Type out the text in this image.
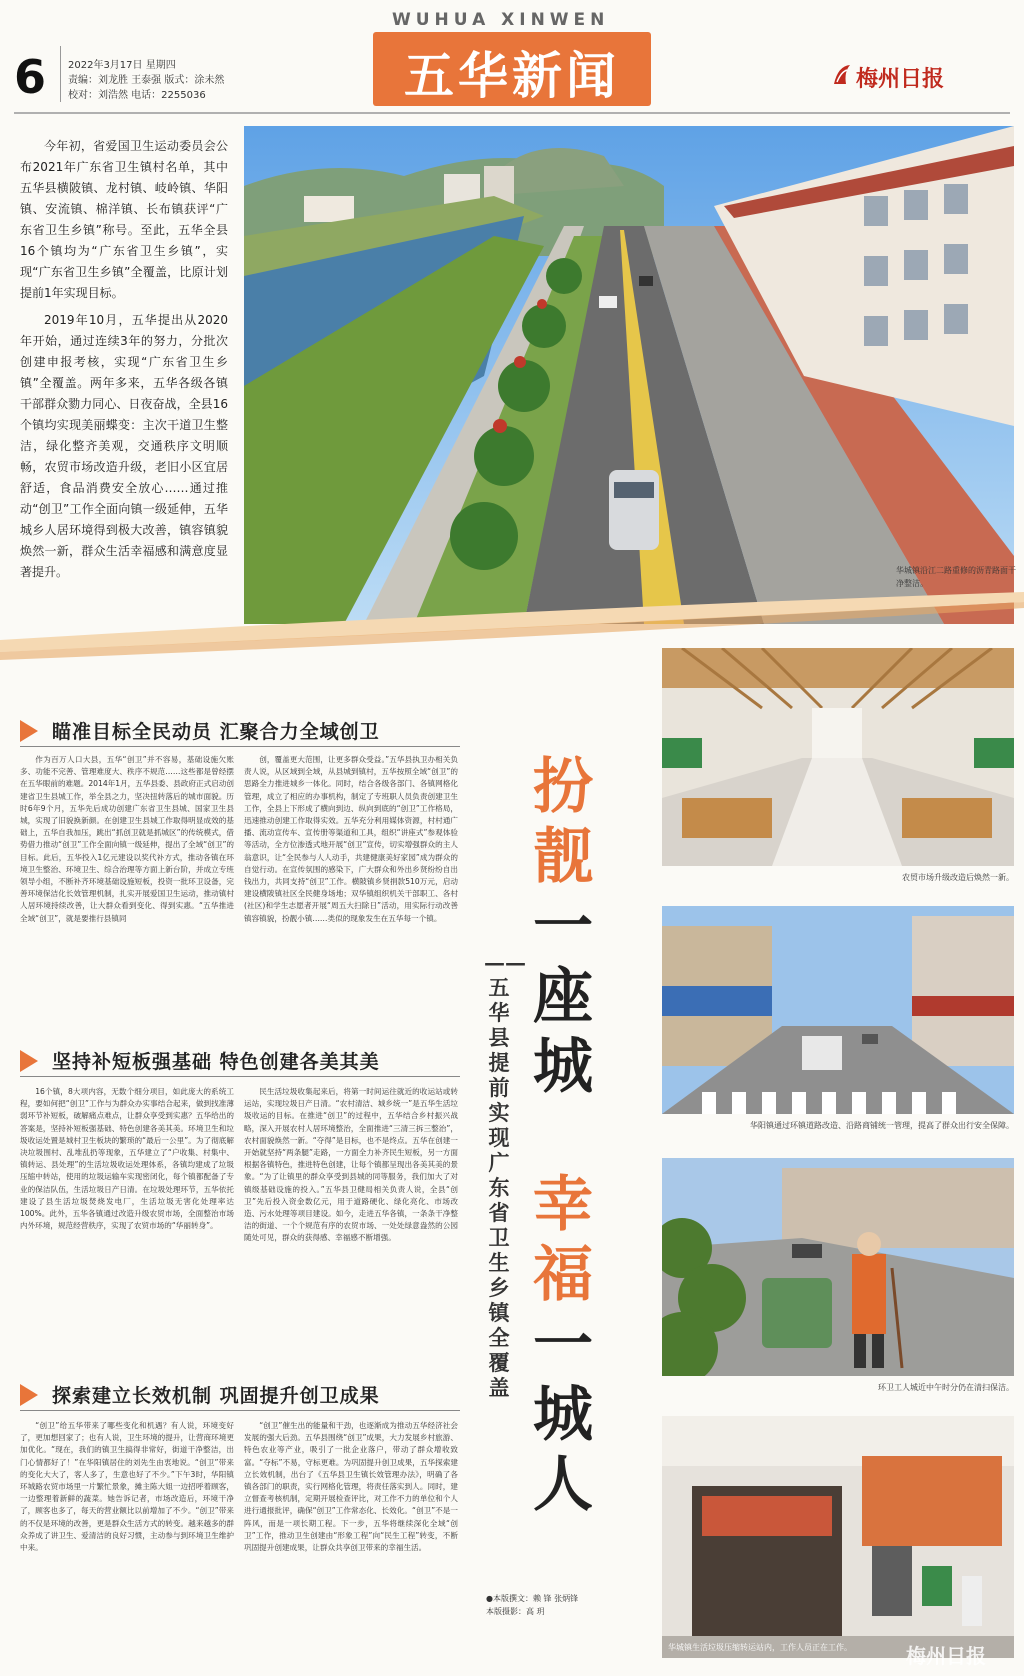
6 2022年3月17日 星期四
责编：刘龙胜 王泰强 版式：涂未然
校对：刘浩然 电话：2255036
WUHUA XINWEN
五华新闻	梅州日报

今年初，省爱国卫生运动委员会公布2021年广东省卫生镇村名单，其中五华县横陂镇、龙村镇、岐岭镇、华阳镇、安流镇、棉洋镇、长布镇获评“广东省卫生乡镇”称号。至此，五华全县16个镇均为“广东省卫生乡镇”，实现“广东省卫生乡镇”全覆盖，比原计划提前1年实现目标。

2019年10月，五华提出从2020年开始，通过连续3年的努力，分批次创建申报考核，实现“广东省卫生乡镇”全覆盖。两年多来，五华各级各镇干部群众勠力同心、日夜奋战，全县16个镇均实现美丽蝶变：主次干道卫生整洁，绿化整齐美观，交通秩序文明顺畅，农贸市场改造升级，老旧小区宜居舒适，食品消费安全放心……通过推动“创卫”工作全面向镇一级延伸，五华城乡人居环境得到极大改善，镇容镇貌焕然一新，群众生活幸福感和满意度显著提升。	华城镇沿江二路重修的沥青路面干净整洁。
瞄准目标全民动员 汇聚合力全域创卫

作为百万人口大县，五华“创卫”并不容易，基础设施欠账多、功能不完善、管理难度大、秩序不规范……这些都是曾经摆在五华眼前的难题。2014年1月，五华县委、县政府正式启动创建省卫生县城工作，举全县之力，坚决扭转落后的城市面貌。历时6年9个月，五华先后成功创建广东省卫生县城、国家卫生县城，实现了旧貌换新颜。在创建卫生县城工作取得明显成效的基础上，五华自我加压，跳出“抓创卫就是抓城区”的传统模式，借势借力推动“创卫”工作全面向镇一级延伸，提出了全域“创卫”的目标。此后，五华投入1亿元建设以奖代补方式，推动各镇在环境卫生整治、环境卫生、综合治理等方面上新台阶，并成立专班领导小组，不断补齐环境基础设施短板，投资一批环卫设备，完善环境保洁化长效管理机制，扎实开展爱国卫生运动，推动镇村人居环境持续改善，让大群众看到变化、得到实惠。“五华推进全域“创卫”，就是要推行县镇同

创，覆盖更大范围，让更多群众受益。”五华县执卫办相关负责人说，从区域到全域，从县城到镇村，五华按照全域“创卫”的思路全力推进城乡一体化。同时，结合各级各部门、各镇网格化管理，成立了相应的办事机构，制定了专班职人员负责创建卫生工作，全县上下形成了横向到边、纵向到底的“创卫”工作格局，迅速推动创建工作取得实效。五华充分利用媒体资源，村村通广播、流动宣传车、宣传册等渠道和工具，组织“讲座式”参观体验等活动，全方位渗透式地开展“创卫”宣传，切实增强群众的主人翁意识，让“全民参与人人动手，共建健康美好家园”成为群众的自觉行动。在宣传氛围的感染下，广大群众和外出乡贤纷纷自出钱出力，共同支持“创卫”工作。横陂镇乡贤捐款510万元，启动建设横陂镇社区全民健身场地；双华镇组织机关干部职工、各村(社区)和学生志愿者开展“周五大扫除日”活动，用实际行动改善镇容镇貌，扮靓小镇……类似的现象发生在五华每一个镇。

坚持补短板强基础 特色创建各美其美

16个镇，8大项内容，无数个细分项目，如此庞大的系统工程，要如何把“创卫”工作与为群众办实事结合起来，做到找准薄弱环节补短板，破解痛点难点，让群众享受到实惠？五华给出的答案是，坚持补短板强基础、特色创建各美其美。环境卫生和垃圾收运处置是城村卫生板块的繁琐的“最后一公里”。为了彻底解决垃圾围村、乱堆乱扔等现象，五华建立了“户收集、村集中、镇转运、县处理”的生活垃圾收运处理体系，各镇均建成了垃圾压缩中转站，使用的垃圾运输车实现密闭化，每个镇都配备了专业的保洁队伍，生活垃圾日产日清。在垃圾处理环节，五华依托建设了县生活垃圾焚烧发电厂，生活垃圾无害化处理率达100%。此外，五华各镇通过改造升级农贸市场，全面整治市场内外环境，规范经营秩序，实现了农贸市场的“华丽转身”。

民生活垃圾收集起来后，将第一时间运往就近的收运站或转运站，实现垃圾日产日清。“农村清洁、城乡统一”是五华生活垃圾收运的目标。在推进“创卫”的过程中，五华结合乡村振兴战略，深入开展农村人居环境整治，全面推进“三清三拆三整治”，农村面貌焕然一新。“夺得”是目标，也不是终点。五华在创建一开始就坚持“两条腿”走路，一方面全力补齐民生短板，另一方面根据各镇特色，推进特色创建，让每个镇都呈现出各美其美的景象。“为了让镇里的群众享受到县城的同等服务，我们加大了对镇级基础设施的投入。”五华县卫健局相关负责人说，全县“创卫”先后投入资金数亿元，用于道路硬化、绿化亮化、市场改造、污水处理等项目建设。如今，走进五华各镇，一条条干净整洁的街道、一个个规范有序的农贸市场、一处处绿意盎然的公园随处可见，群众的获得感、幸福感不断增强。

探索建立长效机制 巩固提升创卫成果

“创卫”给五华带来了哪些变化和机遇？有人说，环境变好了，更加想回家了；也有人说，卫生环境的提升，让营商环境更加优化。“现在，我们的镇卫生搞得非常好，街道干净整洁，出门心情都好了！”在华阳镇居住的刘先生由衷地说。“创卫”带来的变化大大了，客人多了，生意也好了不少。”下午3时，华阳镇环城路农贸市场里一片繁忙景象，摊主陈大姐一边招呼着顾客，一边整理着新鲜的蔬菜。她告诉记者，市场改造后，环境干净了，顾客也多了，每天的营业额比以前增加了不少。“创卫”带来的不仅是环境的改善，更是群众生活方式的转变。越来越多的群众养成了讲卫生、爱清洁的良好习惯，主动参与到环境卫生维护中来。

“创卫”催生出的能量和干劲，也逐渐成为推动五华经济社会发展的强大后劲。五华县围绕“创卫”成果，大力发展乡村旅游、特色农业等产业，吸引了一批企业落户，带动了群众增收致富。“夺标”不易，守标更难。为巩固提升创卫成果，五华探索建立长效机制，出台了《五华县卫生镇长效管理办法》，明确了各镇各部门的职责，实行网格化管理，将责任落实到人。同时，建立督查考核机制，定期开展检查评比，对工作不力的单位和个人进行通报批评，确保“创卫”工作常态化、长效化。“创卫”不是一阵风，而是一项长期工程。下一步，五华将继续深化全域“创卫”工作，推动卫生创建由“形象工程”向“民生工程”转变，不断巩固提升创建成果，让群众共享创卫带来的幸福生活。

扮
靓
一
座
城
幸
福
一
城
人
——五华县提前实现广东省卫生乡镇全覆盖
●本版撰文：赖 锋 张炳锋
本版摄影：高 玥
农贸市场升级改造后焕然一新。
华阳镇通过环镇道路改造、沿路商铺统一管理，提高了群众出行安全保障。
环卫工人城近中午时分仍在清扫保洁。
华城镇生活垃圾压缩转运站内，工作人员正在工作。	梅州日报
